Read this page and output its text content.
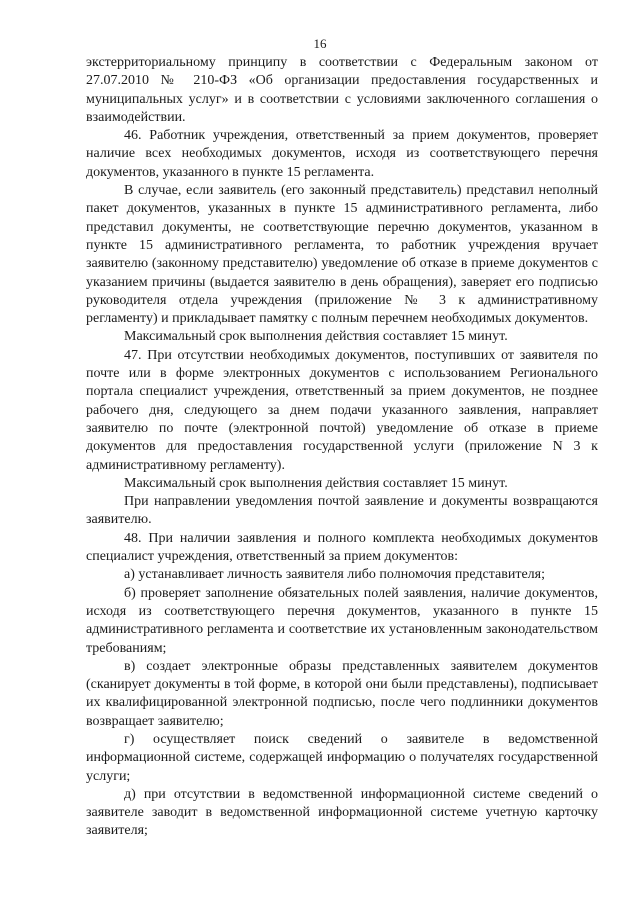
16

экстерриториальному принципу в соответствии с Федеральным законом от 27.07.2010 № 210-ФЗ «Об организации предоставления государственных и муниципальных услуг» и в соответствии с условиями заключенного соглашения о взаимодействии.

46. Работник учреждения, ответственный за прием документов, проверяет наличие всех необходимых документов, исходя из соответствующего перечня документов, указанного в пункте 15 регламента.

В случае, если заявитель (его законный представитель) представил неполный пакет документов, указанных в пункте 15 административного регламента, либо представил документы, не соответствующие перечню документов, указанном в пункте 15 административного регламента, то работник учреждения вручает заявителю (законному представителю) уведомление об отказе в приеме документов с указанием причины (выдается заявителю в день обращения), заверяет его подписью руководителя отдела учреждения (приложение № 3 к административному регламенту) и прикладывает памятку с полным перечнем необходимых документов.

Максимальный срок выполнения действия составляет 15 минут.

47. При отсутствии необходимых документов, поступивших от заявителя по почте или в форме электронных документов с использованием Регионального портала специалист учреждения, ответственный за прием документов, не позднее рабочего дня, следующего за днем подачи указанного заявления, направляет заявителю по почте (электронной почтой) уведомление об отказе в приеме документов для предоставления государственной услуги (приложение N 3 к административному регламенту).

Максимальный срок выполнения действия составляет 15 минут.

При направлении уведомления почтой заявление и документы возвращаются заявителю.

48. При наличии заявления и полного комплекта необходимых документов специалист учреждения, ответственный за прием документов:

а) устанавливает личность заявителя либо полномочия представителя;

б) проверяет заполнение обязательных полей заявления, наличие документов, исходя из соответствующего перечня документов, указанного в пункте 15 административного регламента и соответствие их установленным законодательством требованиям;

в) создает электронные образы представленных заявителем документов (сканирует документы в той форме, в которой они были представлены), подписывает их квалифицированной электронной подписью, после чего подлинники документов возвращает заявителю;

г) осуществляет поиск сведений о заявителе в ведомственной информационной системе, содержащей информацию о получателях государственной услуги;

д) при отсутствии в ведомственной информационной системе сведений о заявителе заводит в ведомственной информационной системе учетную карточку заявителя;
